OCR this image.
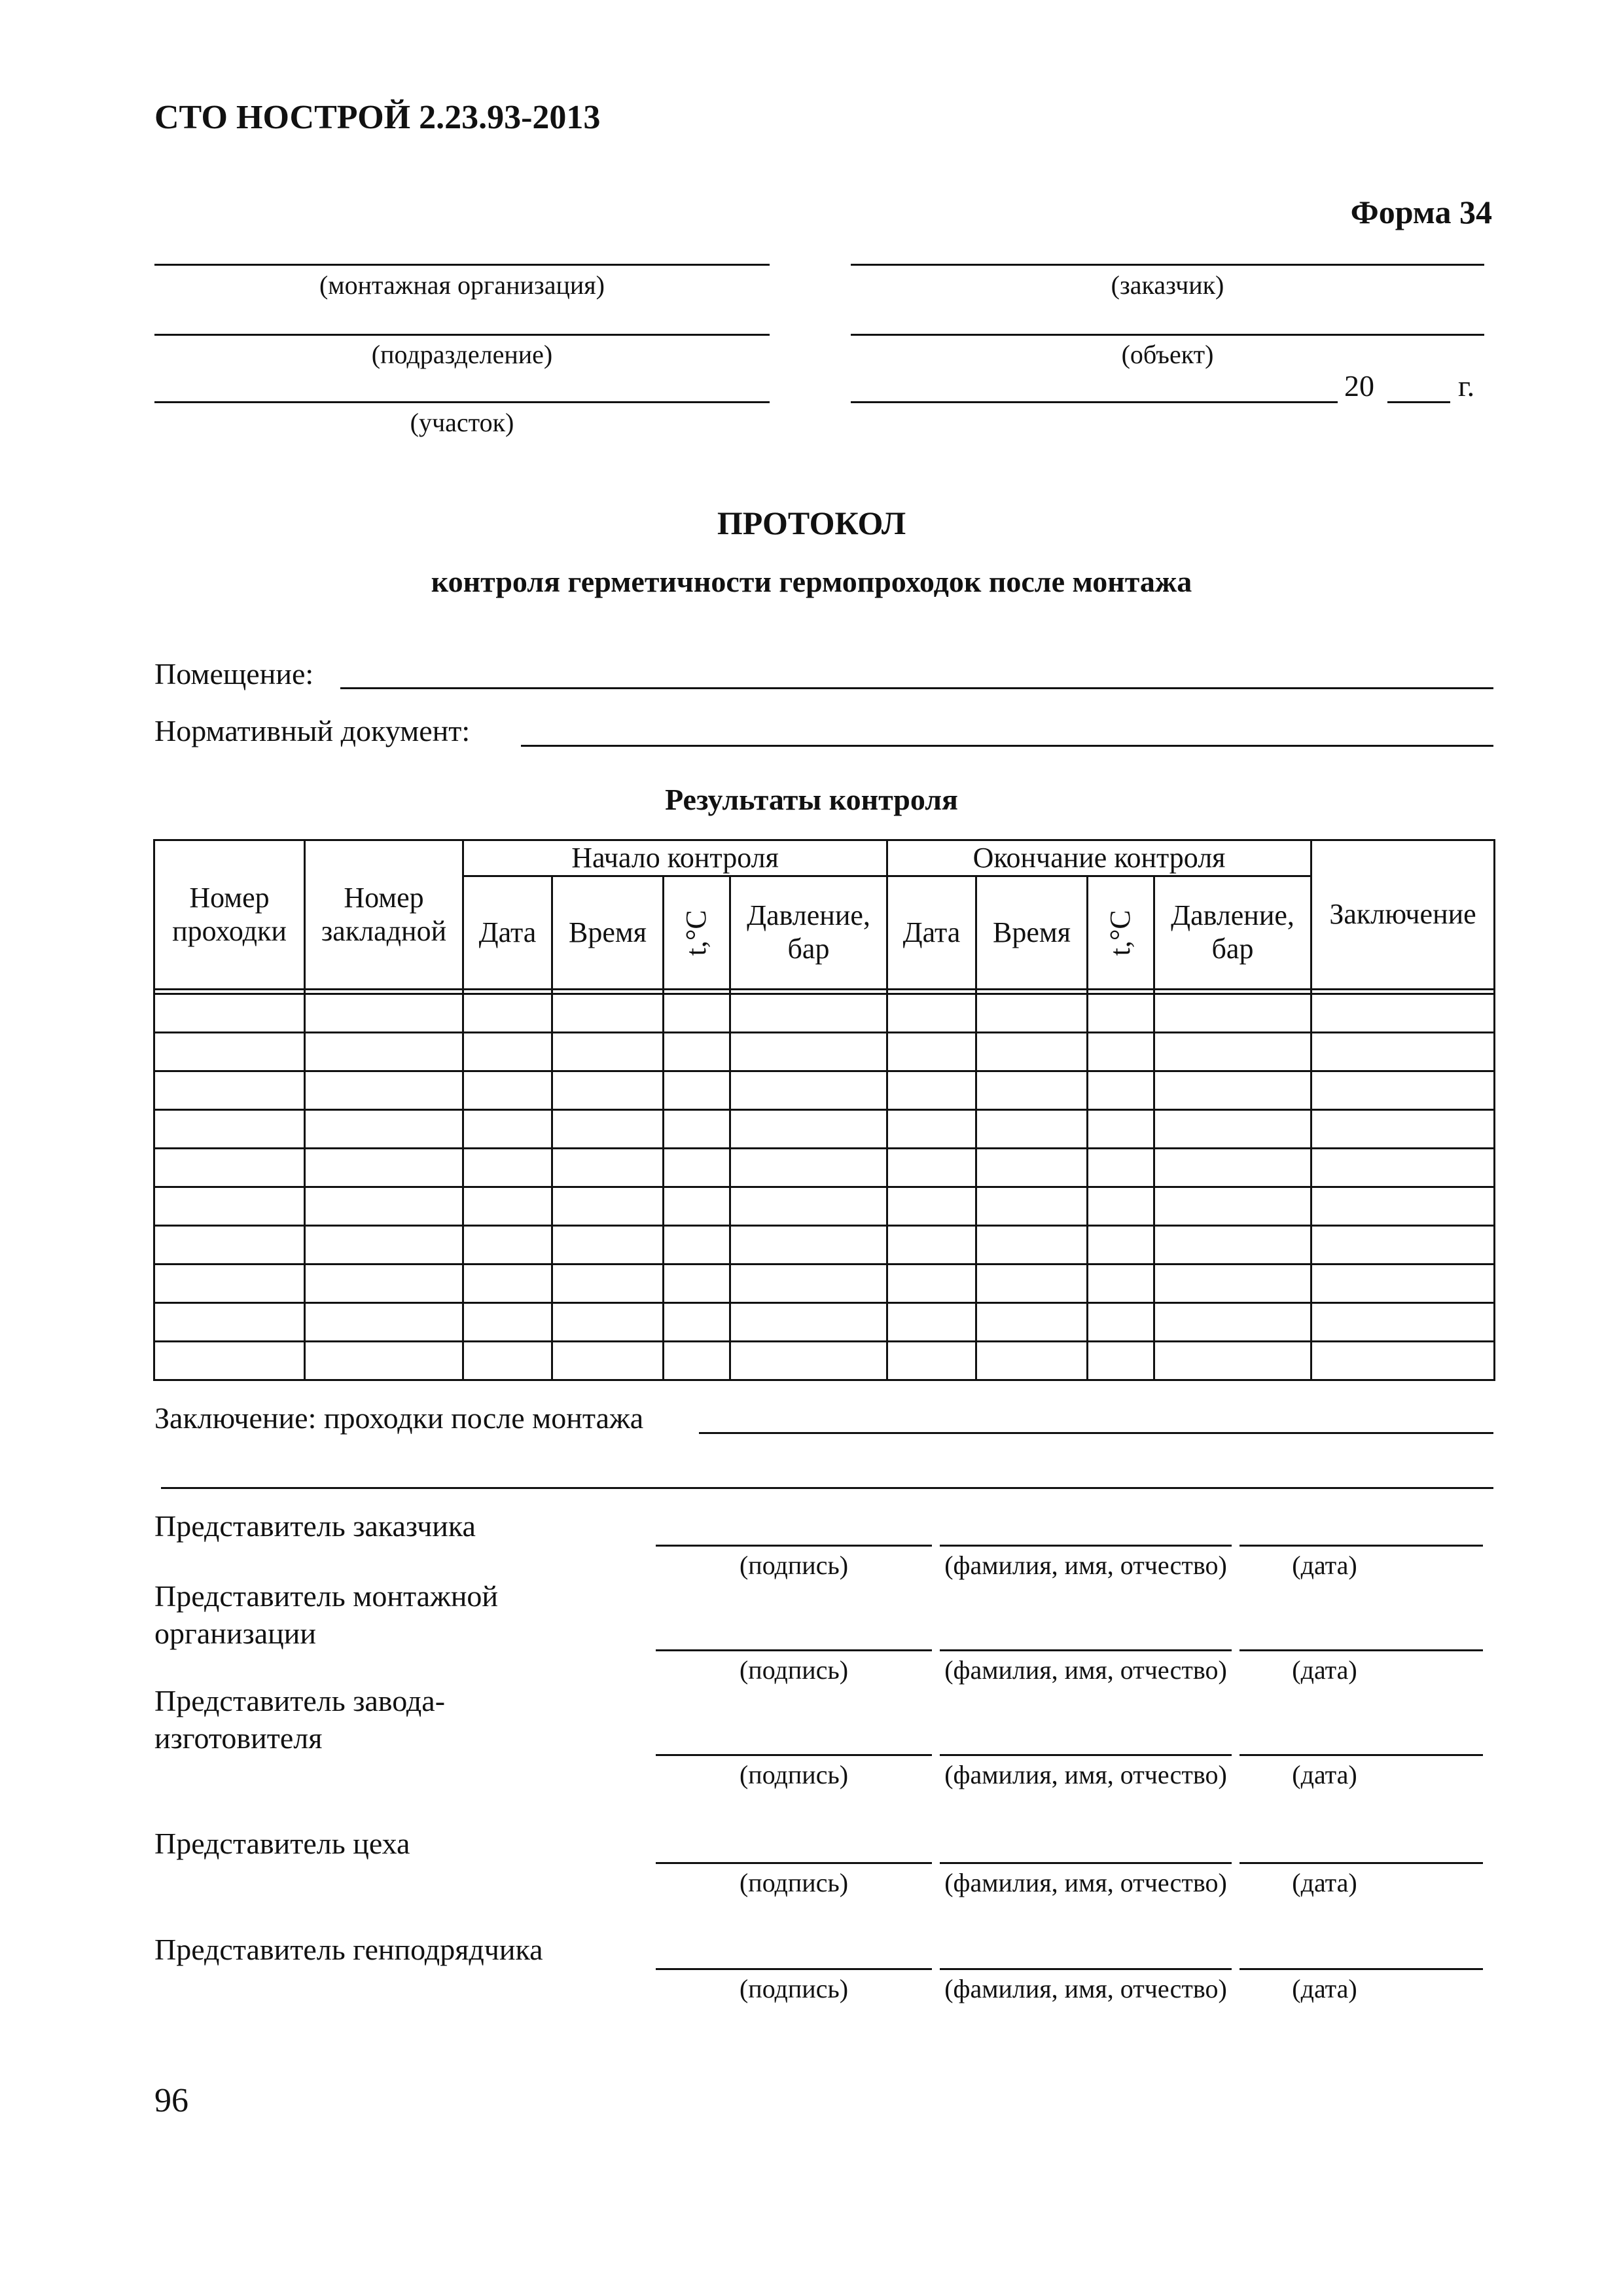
СТО НОСТРОЙ 2.23.93-2013
Форма 34
(монтажная организация)
(подразделение)
(участок)
(заказчик)
(объект)
20	г.
ПРОТОКОЛ
контроля герметичности гермопроходок после монтажа
Помещение:
Нормативный документ:
Результаты контроля
Номер проходки	Номер закладной	Начало контроля				Окончание контроля				Заключение
		Дата	Время	t,°C	Давление, бар	Дата	Время	t,°C	Давление, бар	

Заключение: проходки после монтажа
Представитель заказчика
(подпись)	(фамилия, имя, отчество)	(дата)
Представитель монтажной
организации
(подпись)	(фамилия, имя, отчество)	(дата)
Представитель завода-
изготовителя
(подпись)	(фамилия, имя, отчество)	(дата)
Представитель цеха
(подпись)	(фамилия, имя, отчество)	(дата)
Представитель генподрядчика
(подпись)	(фамилия, имя, отчество)	(дата)
96
